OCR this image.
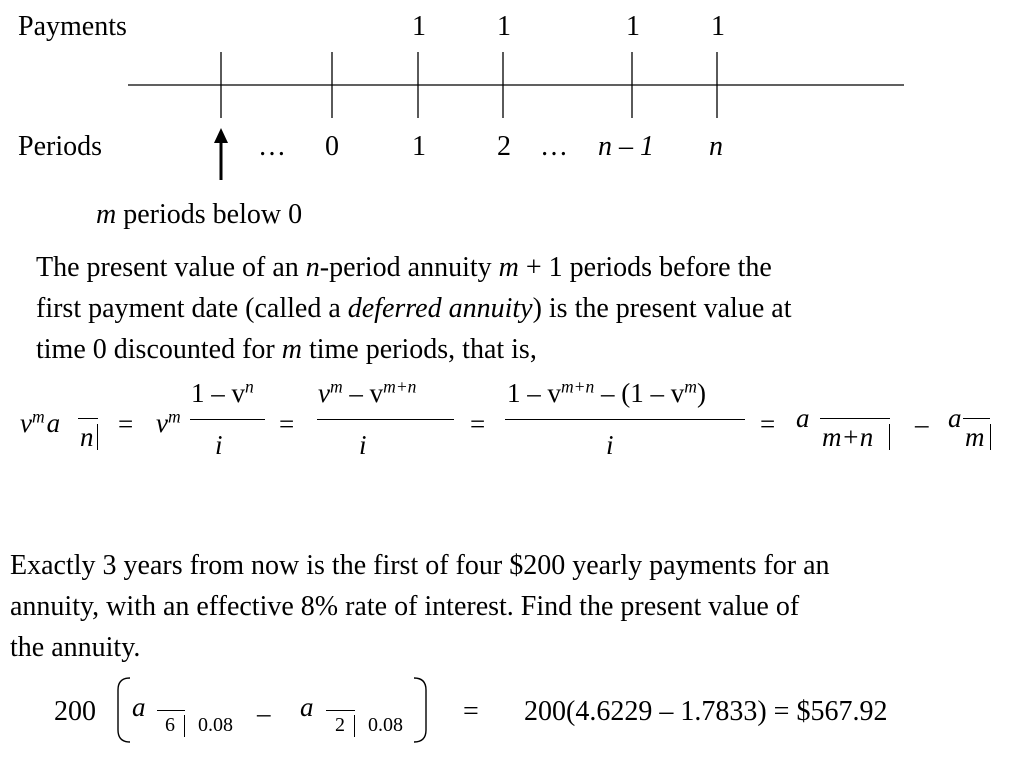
Payments	1	1	1	1
Periods	… 0	1	2 … n – 1 n
m periods below 0
The present value of an n-period annuity m + 1 periods before the
first payment date (called a deferred annuity) is the present value at
time 0 discounted for m time periods, that is,
$v^ma$ $n = v^m$
$1 - v^n$
i
=
$v^m - v^{m+n}$
i
=
$1 - v^{m+n} - (1 - v^m)$
i
= a
m+n – a
m
Exactly 3 years from now is the first of four $200 yearly payments for an
annuity, with an effective 8% rate of interest. Find the present value of
the annuity.
200 a
6 0.08 – a
2 0.08 = 200(4.6229 – 1.7833) = $567.92
